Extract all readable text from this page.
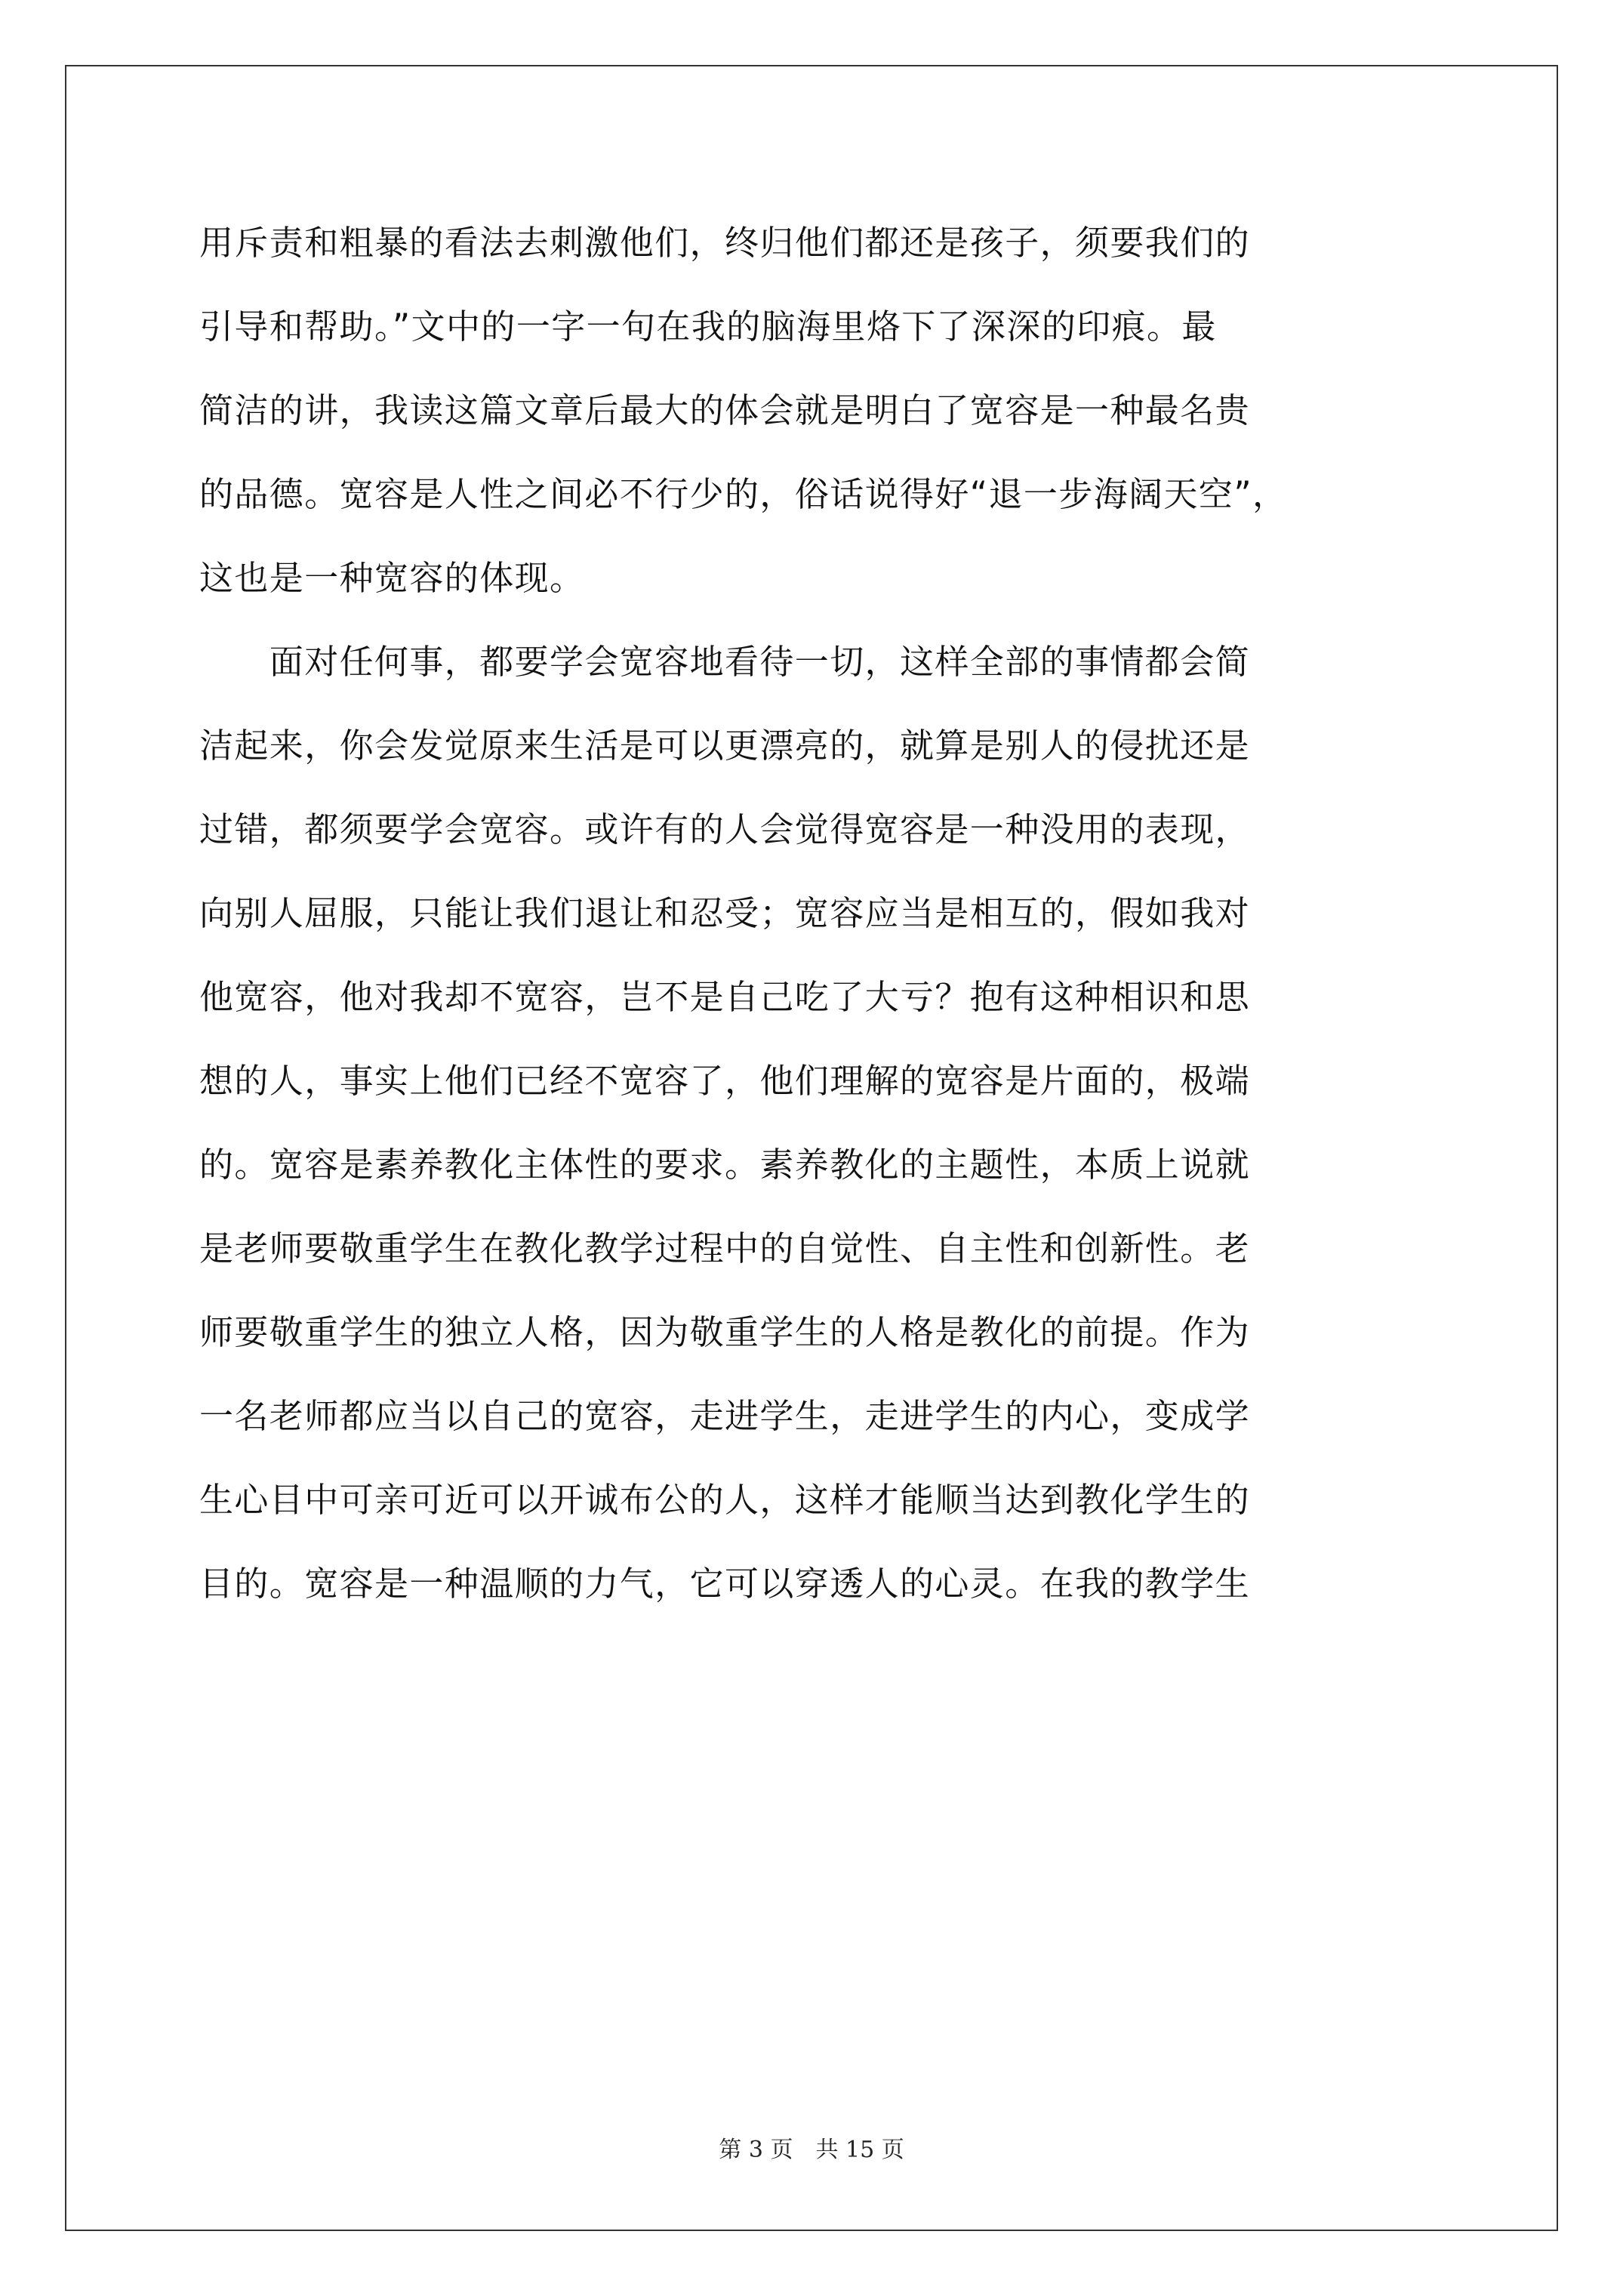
用斥责和粗暴的看法去刺激他们，终归他们都还是孩子，须要我们的
引导和帮助。”文中的一字一句在我的脑海里烙下了深深的印痕。最
简洁的讲，我读这篇文章后最大的体会就是明白了宽容是一种最名贵
的品德。宽容是人性之间必不行少的，俗话说得好“退一步海阔天空”，
这也是一种宽容的体现。
　　面对任何事，都要学会宽容地看待一切，这样全部的事情都会简
洁起来，你会发觉原来生活是可以更漂亮的，就算是别人的侵扰还是
过错，都须要学会宽容。或许有的人会觉得宽容是一种没用的表现，
向别人屈服，只能让我们退让和忍受；宽容应当是相互的，假如我对
他宽容，他对我却不宽容，岂不是自己吃了大亏？抱有这种相识和思
想的人，事实上他们已经不宽容了，他们理解的宽容是片面的，极端
的。宽容是素养教化主体性的要求。素养教化的主题性，本质上说就
是老师要敬重学生在教化教学过程中的自觉性、自主性和创新性。老
师要敬重学生的独立人格，因为敬重学生的人格是教化的前提。作为
一名老师都应当以自己的宽容，走进学生，走进学生的内心，变成学
生心目中可亲可近可以开诚布公的人，这样才能顺当达到教化学生的
目的。宽容是一种温顺的力气，它可以穿透人的心灵。在我的教学生
第 3 页 共 15 页
